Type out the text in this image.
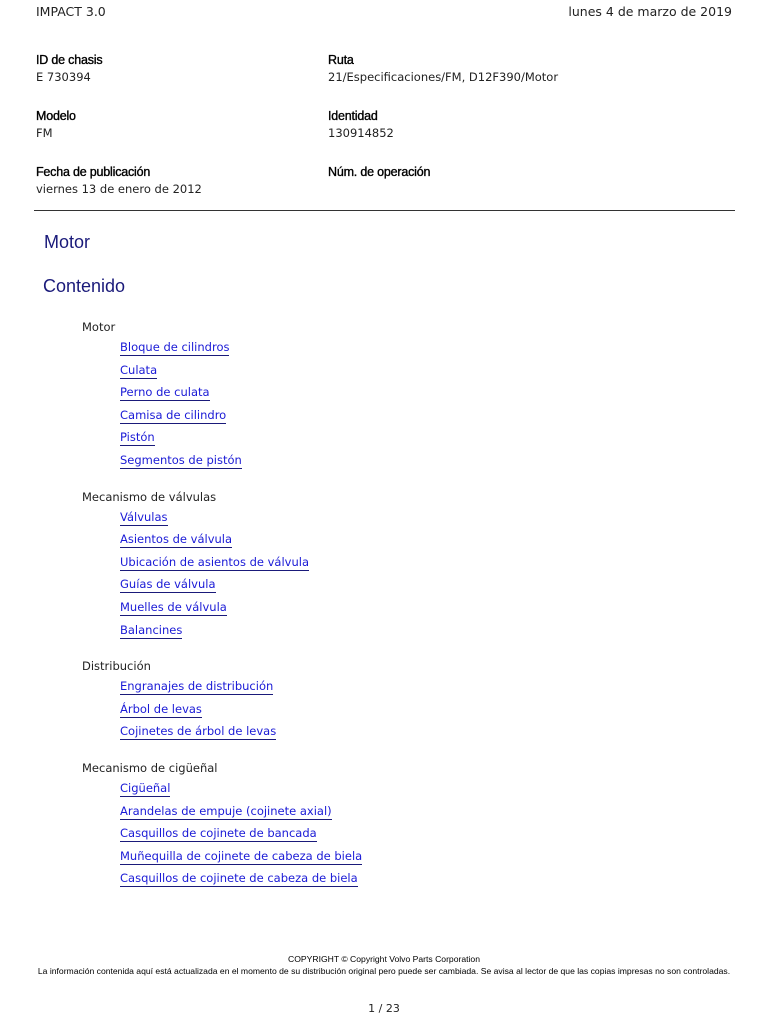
IMPACT 3.0	lunes 4 de marzo de 2019
ID de chasis
E 730394
Ruta
21/Especificaciones/FM, D12F390/Motor
Modelo
FM
Identidad
130914852
Fecha de publicación
viernes 13 de enero de 2012
Núm. de operación
Motor
Contenido
Motor
Bloque de cilindros
Culata
Perno de culata
Camisa de cilindro
Pistón
Segmentos de pistón
Mecanismo de válvulas
Válvulas
Asientos de válvula
Ubicación de asientos de válvula
Guías de válvula
Muelles de válvula
Balancines
Distribución
Engranajes de distribución
Árbol de levas
Cojinetes de árbol de levas
Mecanismo de cigüeñal
Cigüeñal
Arandelas de empuje (cojinete axial)
Casquillos de cojinete de bancada
Muñequilla de cojinete de cabeza de biela
Casquillos de cojinete de cabeza de biela
COPYRIGHT © Copyright Volvo Parts Corporation
La información contenida aquí está actualizada en el momento de su distribución original pero puede ser cambiada. Se avisa al lector de que las copias impresas no son controladas.
1 / 23
